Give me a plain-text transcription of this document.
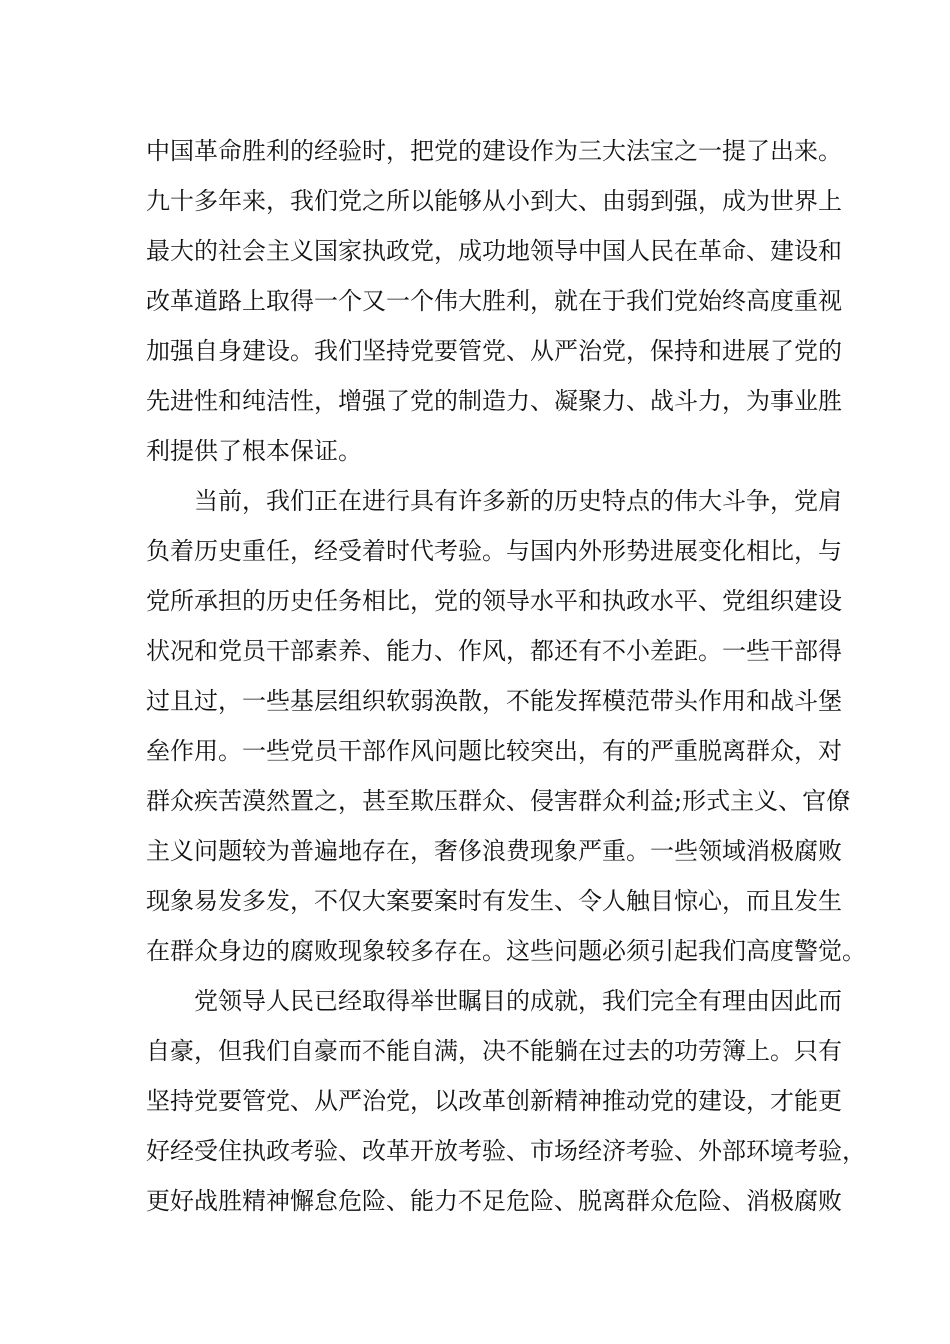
中国革命胜利的经验时，把党的建设作为三大法宝之一提了出来。
九十多年来，我们党之所以能够从小到大、由弱到强，成为世界上
最大的社会主义国家执政党，成功地领导中国人民在革命、建设和
改革道路上取得一个又一个伟大胜利，就在于我们党始终高度重视
加强自身建设。我们坚持党要管党、从严治党，保持和进展了党的
先进性和纯洁性，增强了党的制造力、凝聚力、战斗力，为事业胜
利提供了根本保证。
当前，我们正在进行具有许多新的历史特点的伟大斗争，党肩
负着历史重任，经受着时代考验。与国内外形势进展变化相比，与
党所承担的历史任务相比，党的领导水平和执政水平、党组织建设
状况和党员干部素养、能力、作风，都还有不小差距。一些干部得
过且过，一些基层组织软弱涣散，不能发挥模范带头作用和战斗堡
垒作用。一些党员干部作风问题比较突出，有的严重脱离群众，对
群众疾苦漠然置之，甚至欺压群众、侵害群众利益;形式主义、官僚
主义问题较为普遍地存在，奢侈浪费现象严重。一些领域消极腐败
现象易发多发，不仅大案要案时有发生、令人触目惊心，而且发生
在群众身边的腐败现象较多存在。这些问题必须引起我们高度警觉。
党领导人民已经取得举世瞩目的成就，我们完全有理由因此而
自豪，但我们自豪而不能自满，决不能躺在过去的功劳簿上。只有
坚持党要管党、从严治党，以改革创新精神推动党的建设，才能更
好经受住执政考验、改革开放考验、市场经济考验、外部环境考验，
更好战胜精神懈怠危险、能力不足危险、脱离群众危险、消极腐败
